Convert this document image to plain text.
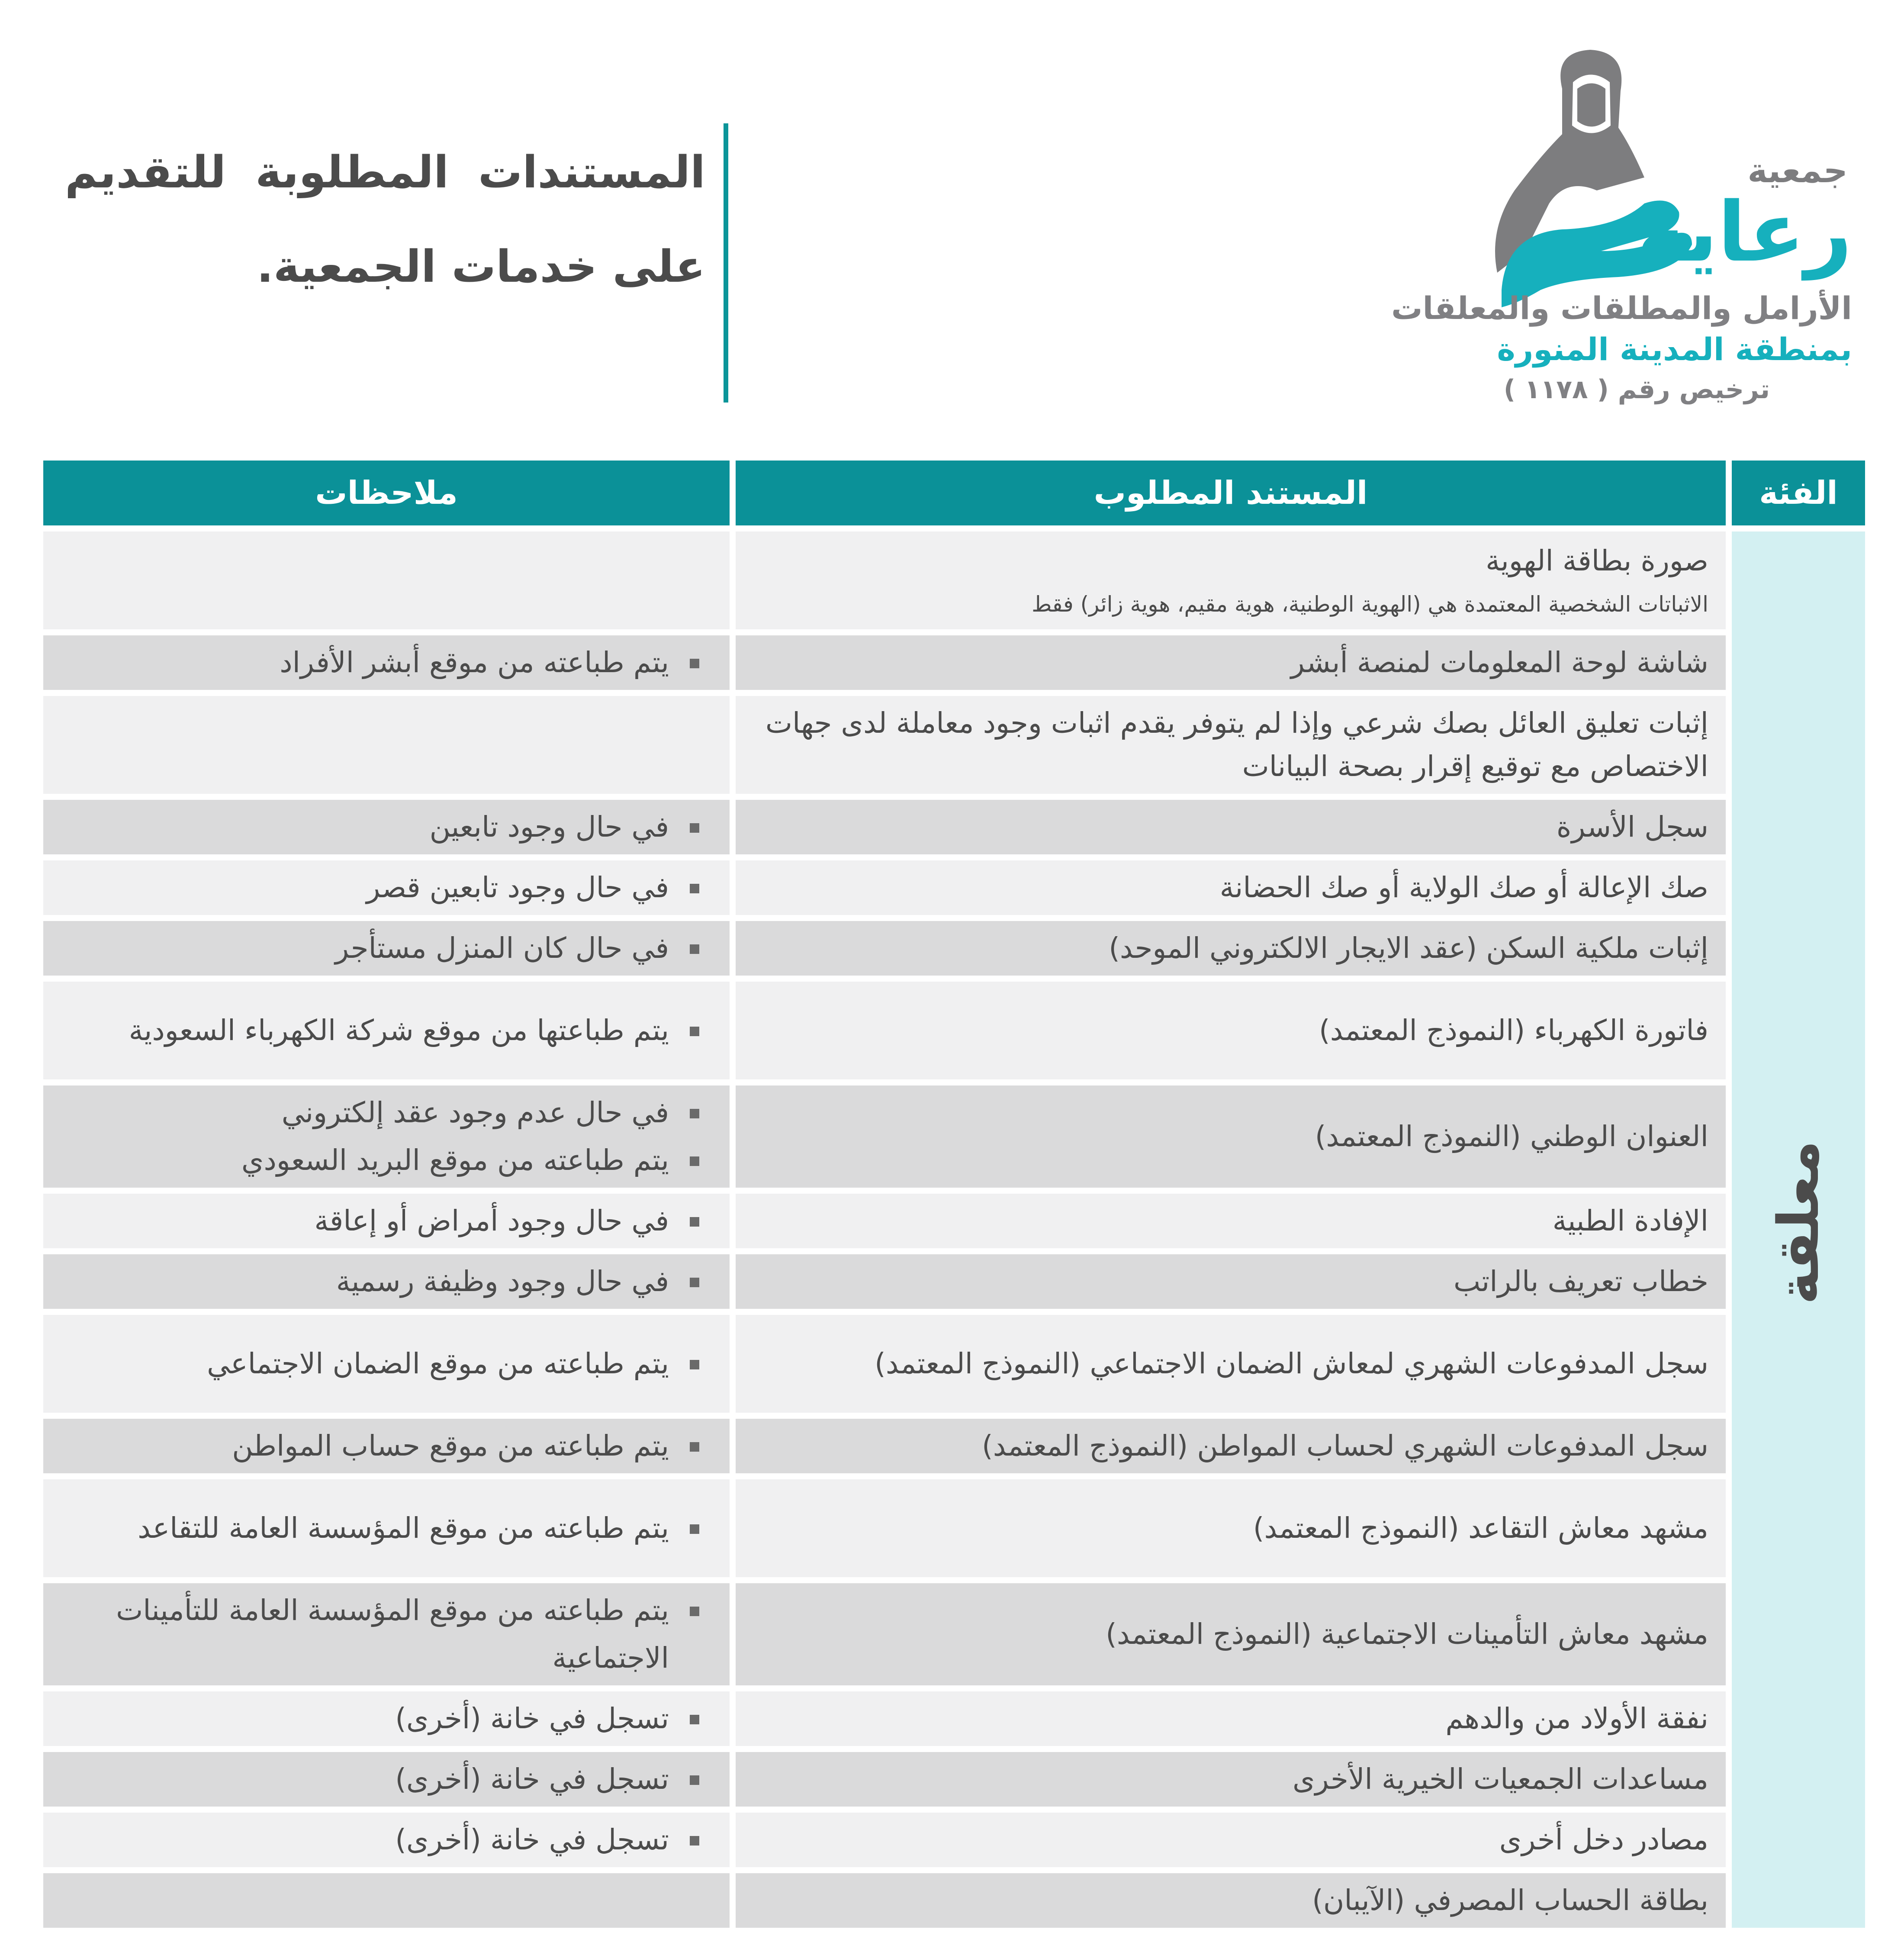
المستندات المطلوبة للتقديم على خدمات الجمعية.

جمعية

رعاية

الأرامل والمطلقات والمعلقات

بمنطقة المدينة المنورة

ترخيص رقم ( ١١٧٨ )

الفئة	المستند المطلوب	ملاحظات
معلقة	صورة بطاقة الهوية
الاثباتات الشخصية المعتمدة هي (الهوية الوطنية، هوية مقيم، هوية زائر) فقط	

	شاشة لوحة المعلومات لمنصة أبشر	يتم طباعته من موقع أبشر الأفراد

	إثبات تعليق العائل بصك شرعي وإذا لم يتوفر يقدم اثبات وجود معاملة لدى جهات الاختصاص مع توقيع إقرار بصحة البيانات	
	سجل الأسرة	في حال وجود تابعين

	صك الإعالة أو صك الولاية أو صك الحضانة	في حال وجود تابعين قصر

	إثبات ملكية السكن (عقد الايجار الالكتروني الموحد)	في حال كان المنزل مستأجر

	فاتورة الكهرباء (النموذج المعتمد)	يتم طباعتها من موقع شركة الكهرباء السعودية

	العنوان الوطني (النموذج المعتمد)	في حال عدم وجود عقد إلكتروني
يتم طباعته من موقع البريد السعودي

	الإفادة الطبية	في حال وجود أمراض أو إعاقة

	خطاب تعريف بالراتب	في حال وجود وظيفة رسمية

	سجل المدفوعات الشهري لمعاش الضمان الاجتماعي (النموذج المعتمد)	يتم طباعته من موقع الضمان الاجتماعي

	سجل المدفوعات الشهري لحساب المواطن (النموذج المعتمد)	يتم طباعته من موقع حساب المواطن

	مشهد معاش التقاعد (النموذج المعتمد)	يتم طباعته من موقع المؤسسة العامة للتقاعد

	مشهد معاش التأمينات الاجتماعية (النموذج المعتمد)	يتم طباعته من موقع المؤسسة العامة للتأمينات الاجتماعية

	نفقة الأولاد من والدهم	تسجل في خانة (أخرى)

	مساعدات الجمعيات الخيرية الأخرى	تسجل في خانة (أخرى)

	مصادر دخل أخرى	تسجل في خانة (أخرى)

	بطاقة الحساب المصرفي (الآيبان)	
